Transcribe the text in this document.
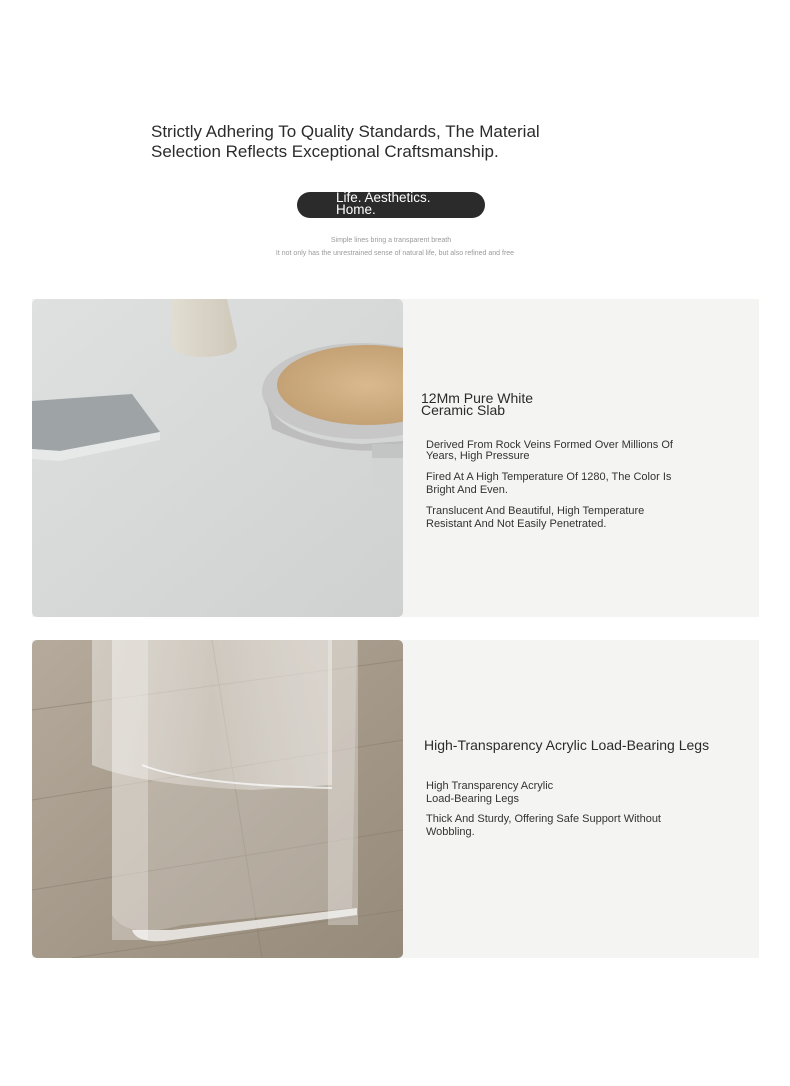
Strictly Adhering To Quality Standards, The Material
Selection Reflects Exceptional Craftsmanship.
Life. Aesthetics.
Home.
Simple lines bring a transparent breath
It not only has the unrestrained sense of natural life, but also refined and free
12Mm Pure White
Ceramic Slab
Derived From Rock Veins Formed Over Millions Of
Years, High Pressure
Fired At A High Temperature Of 1280, The Color Is
Bright And Even.
Translucent And Beautiful, High Temperature
Resistant And Not Easily Penetrated.
High-Transparency Acrylic Load-Bearing Legs
High Transparency Acrylic
Load-Bearing Legs
Thick And Sturdy, Offering Safe Support Without
Wobbling.
